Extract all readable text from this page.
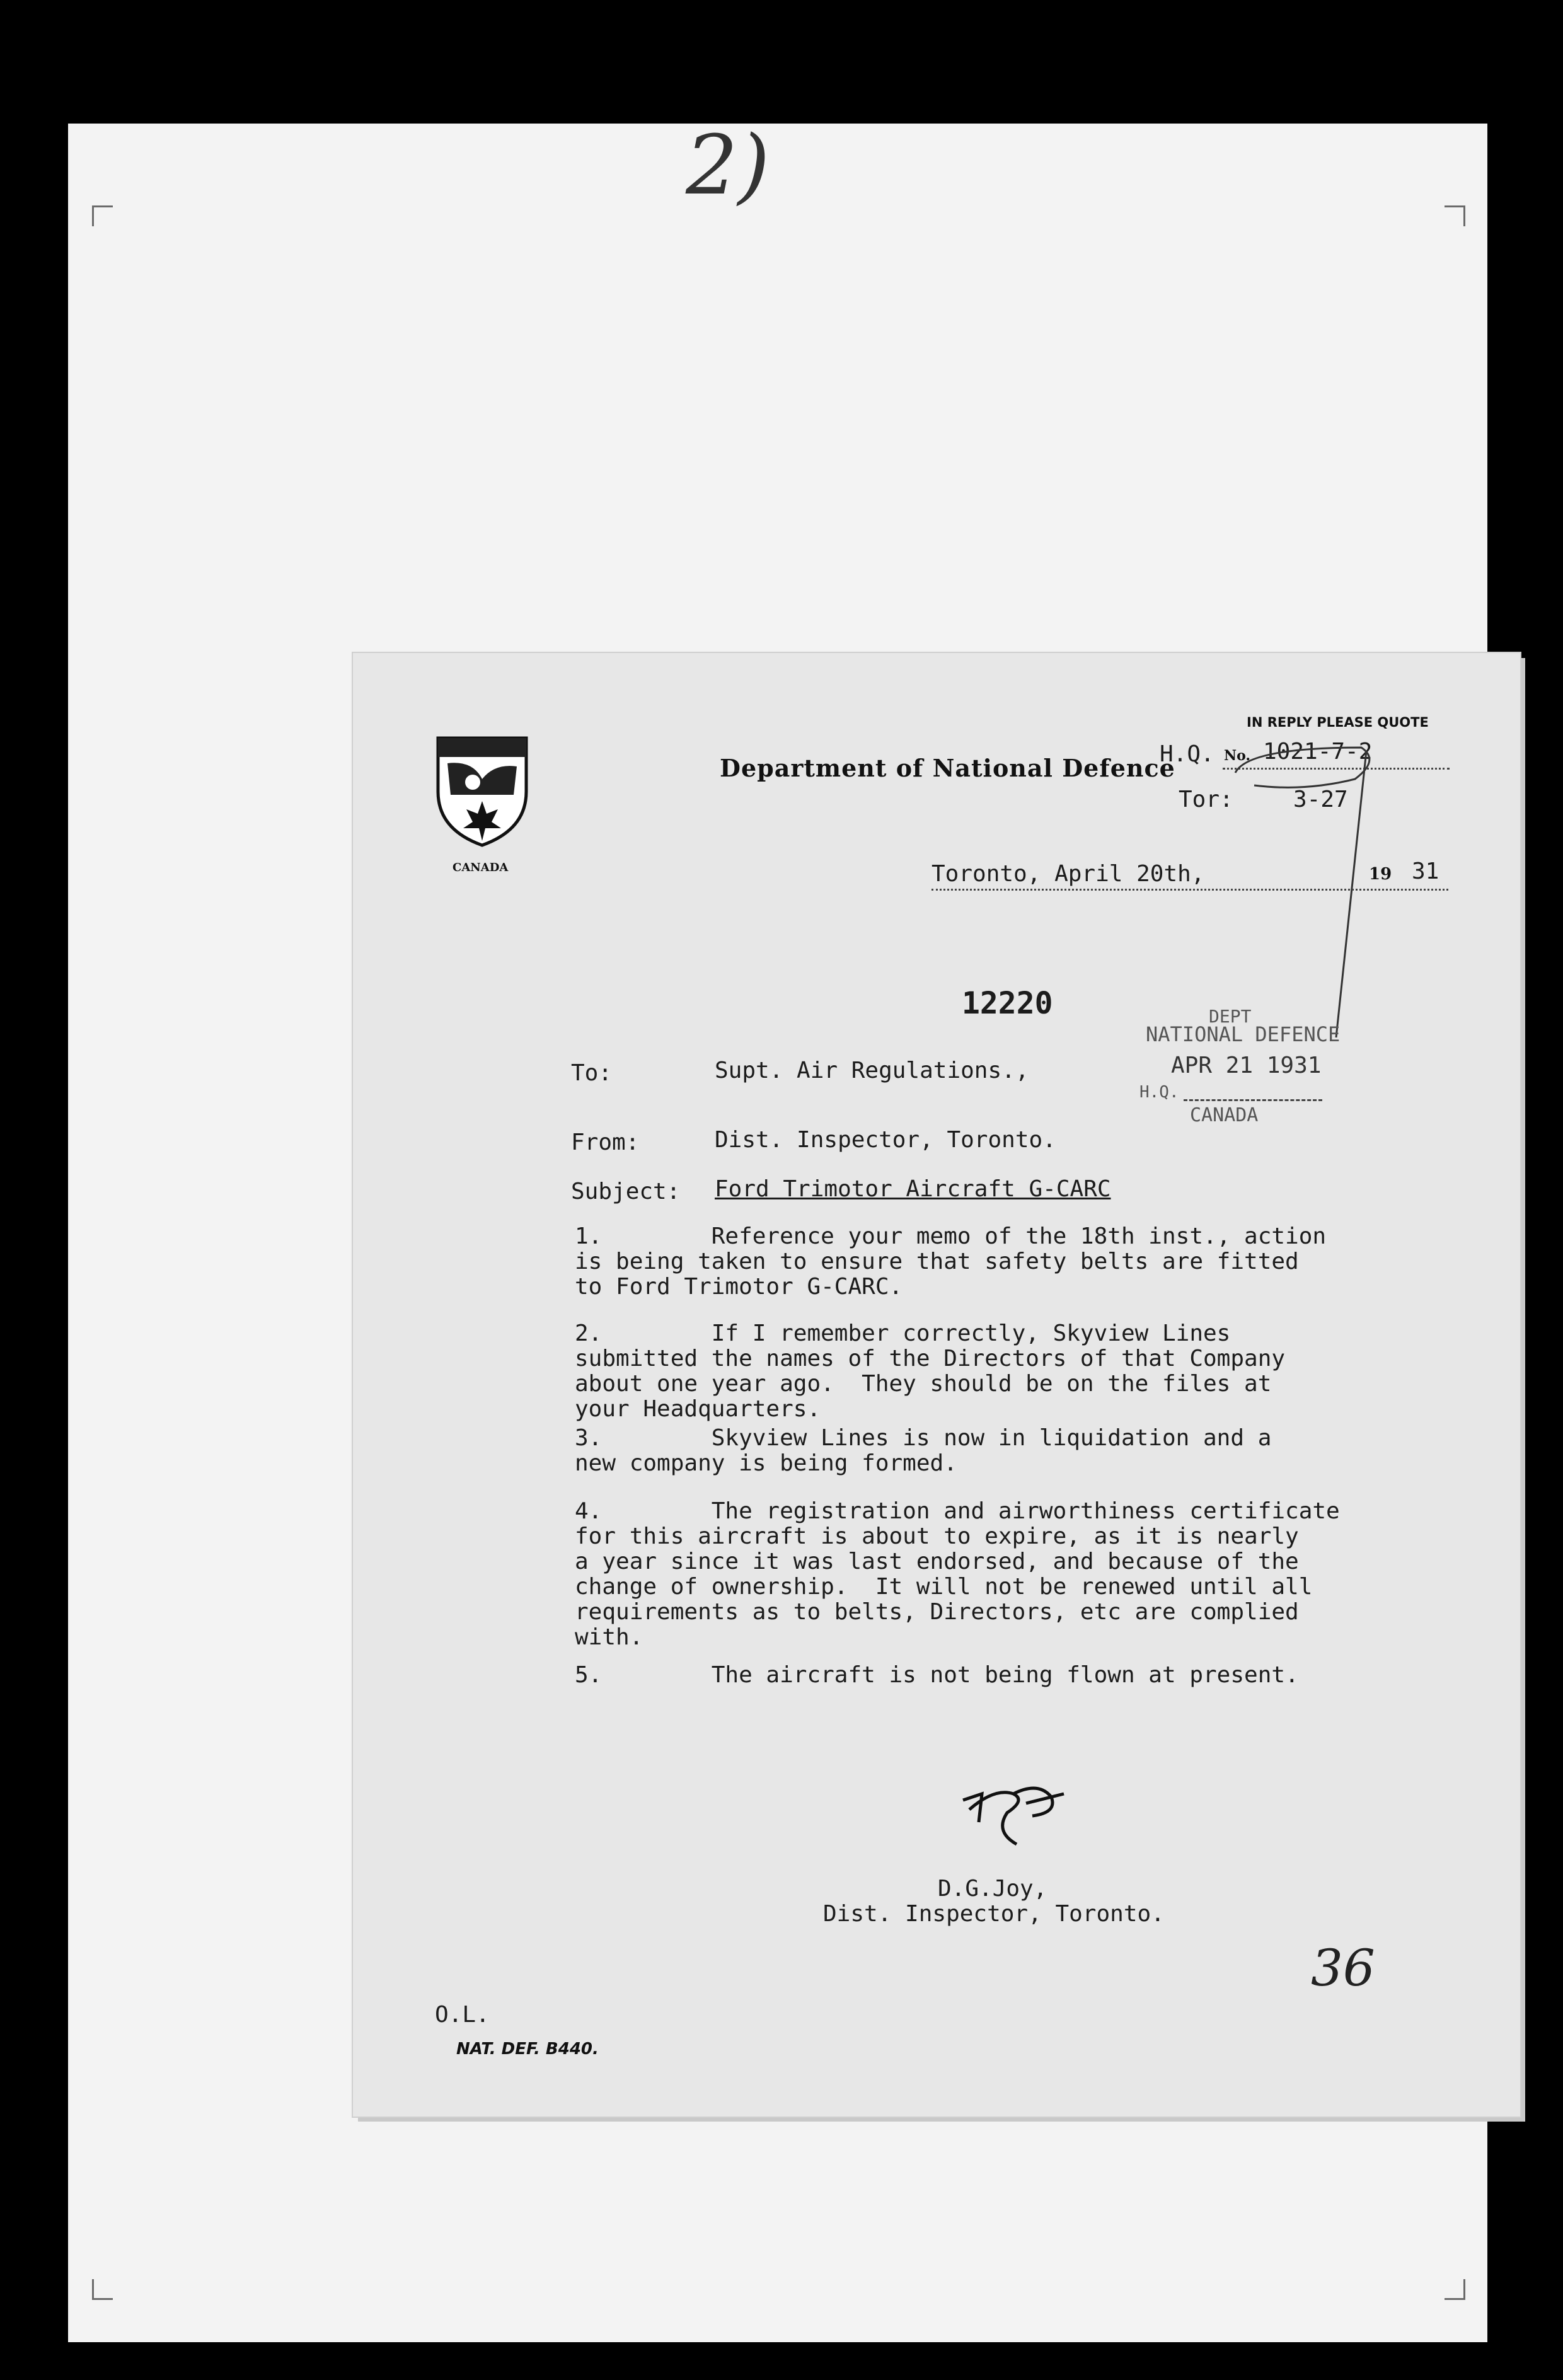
2)
CANADA
Department of National Defence
IN REPLY PLEASE QUOTE
H.Q. No. 1021-7-2
Tor:	3-27
Toronto, April 20th,	19 31
12220	DEPT
NATIONAL DEFENCE
APR 21 1931
H.Q.
CANADA
To:	Supt. Air Regulations.,
From:	Dist. Inspector, Toronto.
Subject: Ford Trimotor Aircraft G-CARC
1.        Reference your memo of the 18th inst., action
is being taken to ensure that safety belts are fitted
to Ford Trimotor G-CARC.
2.        If I remember correctly, Skyview Lines
submitted the names of the Directors of that Company
about one year ago.  They should be on the files at
your Headquarters.
3.        Skyview Lines is now in liquidation and a
new company is being formed.
4.        The registration and airworthiness certificate
for this aircraft is about to expire, as it is nearly
a year since it was last endorsed, and because of the
change of ownership.  It will not be renewed until all
requirements as to belts, Directors, etc are complied
with.
5.        The aircraft is not being flown at present.
D.G.Joy,
Dist. Inspector, Toronto.
36
O.L.
NAT. DEF. B440.
